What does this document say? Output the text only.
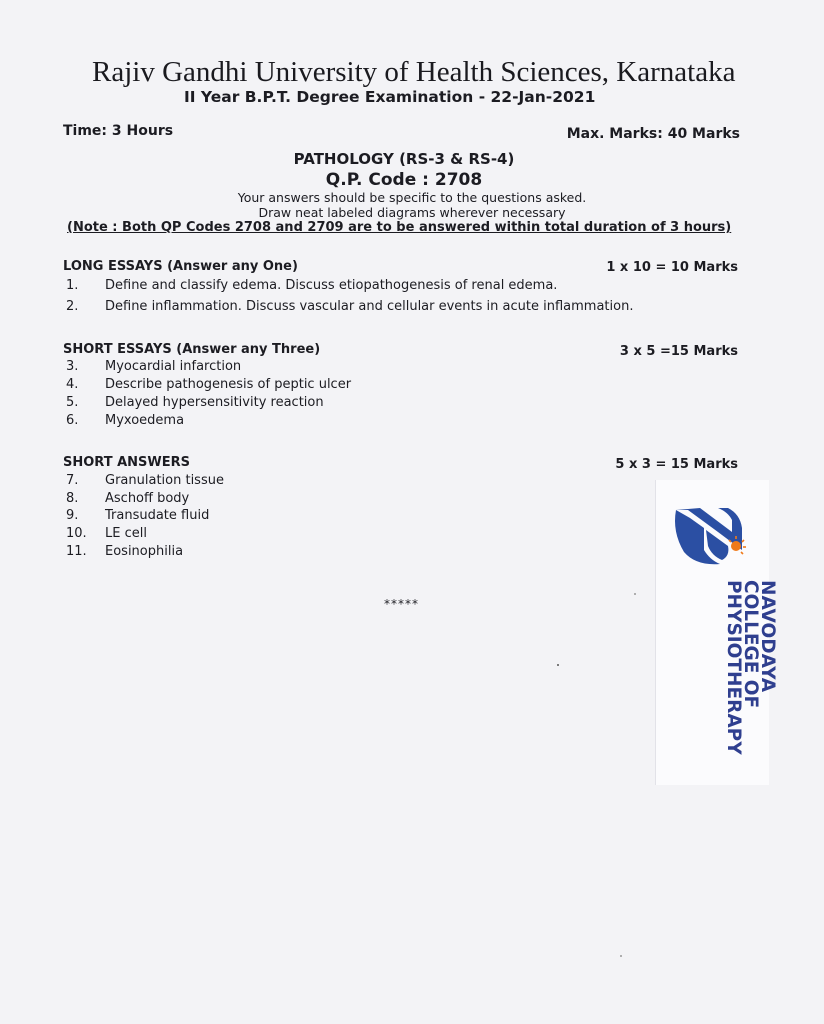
Rajiv Gandhi University of Health Sciences, Karnataka
II Year B.P.T. Degree Examination - 22-Jan-2021
Time: 3 Hours	Max. Marks: 40 Marks
PATHOLOGY (RS-3 & RS-4)
Q.P. Code : 2708
Your answers should be specific to the questions asked.
Draw neat labeled diagrams wherever necessary
(Note : Both QP Codes 2708 and 2709 are to be answered within total duration of 3 hours)
LONG ESSAYS (Answer any One)	1 x 10 = 10 Marks
1.	Define and classify edema. Discuss etiopathogenesis of renal edema.
2.	Define inflammation. Discuss vascular and cellular events in acute inflammation.
SHORT ESSAYS (Answer any Three)	3 x 5 =15 Marks
3.	Myocardial infarction
4.	Describe pathogenesis of peptic ulcer
5.	Delayed hypersensitivity reaction
6.	Myxoedema
SHORT ANSWERS	5 x 3 = 15 Marks
7.	Granulation tissue
8.	Aschoff body
9.	Transudate fluid
10.	LE cell
11.	Eosinophilia
*****	NAVODAYA
COLLEGE OF
PHYSIOTHERAPY
